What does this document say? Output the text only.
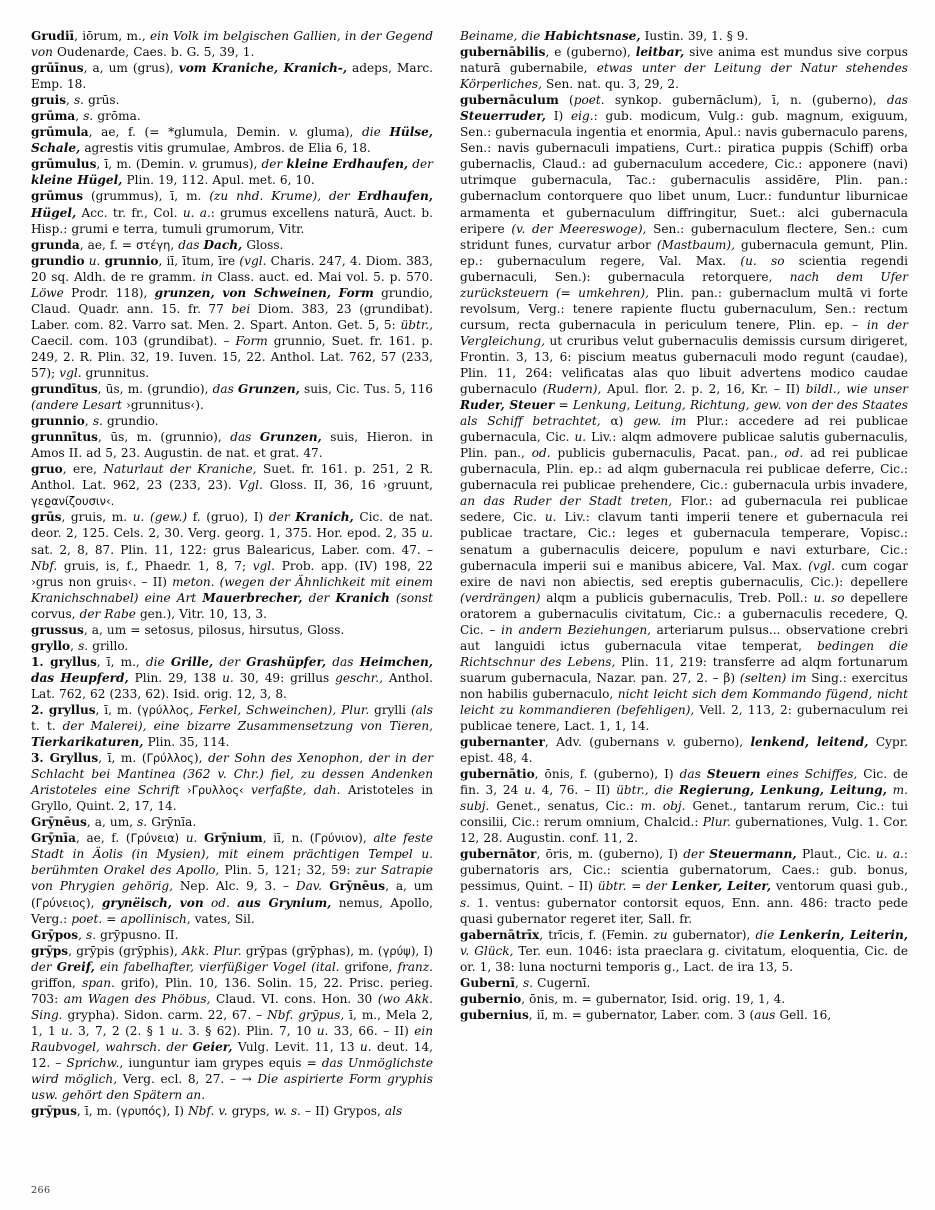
Grudiī, iōrum, m., ein Volk im belgischen Gallien, in der Gegend von Oudenarde, Caes. b. G. 5, 39, 1.

grūīnus, a, um (grus), vom Kraniche, Kranich-, adeps, Marc. Emp. 18.

gruis, s. grūs.

grūma, s. grōma.

grūmula, ae, f. (= *glumula, Demin. v. gluma), die Hülse, Schale, agrestis vitis grumulae, Ambros. de Elia 6, 18.

grūmulus, ī, m. (Demin. v. grumus), der kleine Erdhaufen, der kleine Hügel, Plin. 19, 112. Apul. met. 6, 10.

grūmus (grummus), ī, m. (zu nhd. Krume), der Erdhaufen, Hügel, Acc. tr. fr., Col. u. a.: grumus excellens naturā, Auct. b. Hisp.: grumi e terra, tumuli grumorum, Vitr.

grunda, ae, f. = στέγη, das Dach, Gloss.

grundio u. grunnio, iī, ītum, īre (vgl. Charis. 247, 4. Diom. 383, 20 sq. Aldh. de re gramm. in Class. auct. ed. Mai vol. 5. p. 570. Löwe Prodr. 118), grunzen, von Schweinen, Form grundio, Claud. Quadr. ann. 15. fr. 77 bei Diom. 383, 23 (grundibat). Laber. com. 82. Varro sat. Men. 2. Spart. Anton. Get. 5, 5: übtr., Caecil. com. 103 (grundibat). – Form grunnio, Suet. fr. 161. p. 249, 2. R. Plin. 32, 19. Iuven. 15, 22. Anthol. Lat. 762, 57 (233, 57); vgl. grunnitus.

grundītus, ūs, m. (grundio), das Grunzen, suis, Cic. Tus. 5, 116 (andere Lesart ›grunnitus‹).

grunnio, s. grundio.

grunnītus, ūs, m. (grunnio), das Grunzen, suis, Hieron. in Amos II. ad 5, 23. Augustin. de nat. et grat. 47.

gruo, ere, Naturlaut der Kraniche, Suet. fr. 161. p. 251, 2 R. Anthol. Lat. 962, 23 (233, 23). Vgl. Gloss. II, 36, 16 ›gruunt, γεϱανίζουσιν‹.

grūs, gruis, m. u. (gew.) f. (gruo), I) der Kranich, Cic. de nat. deor. 2, 125. Cels. 2, 30. Verg. georg. 1, 375. Hor. epod. 2, 35 u. sat. 2, 8, 87. Plin. 11, 122: grus Balearicus, Laber. com. 47. – Nbf. gruis, is, f., Phaedr. 1, 8, 7; vgl. Prob. app. (IV) 198, 22 ›grus non gruis‹. – II) meton. (wegen der Ähnlichkeit mit einem Kranichschnabel) eine Art Mauerbrecher, der Kranich (sonst corvus, der Rabe gen.), Vitr. 10, 13, 3.

grussus, a, um = setosus, pilosus, hirsutus, Gloss.

gryllo, s. grillo.

1. gryllus, ī, m., die Grille, der Grashüpfer, das Heimchen, das Heupferd, Plin. 29, 138 u. 30, 49: grillus geschr., Anthol. Lat. 762, 62 (233, 62). Isid. orig. 12, 3, 8.

2. gryllus, ī, m. (γρύλλος, Ferkel, Schweinchen), Plur. grylli (als t. t. der Malerei), eine bizarre Zusammensetzung von Tieren, Tierkarikaturen, Plin. 35, 114.

3. Gryllus, ī, m. (Γρύλλος), der Sohn des Xenophon, der in der Schlacht bei Mantinea (362 v. Chr.) fiel, zu dessen Andenken Aristoteles eine Schrift ›Γρυλλος‹ verfaßte, dah. Aristoteles in Gryllo, Quint. 2, 17, 14.

Grȳnēus, a, um, s. Grȳnīa.

Grȳnīa, ae, f. (Γρύνεια) u. Grȳnium, iī, n. (Γρύνιον), alte feste Stadt in Äolis (in Mysien), mit einem prächtigen Tempel u. berühmten Orakel des Apollo, Plin. 5, 121; 32, 59: zur Satrapie von Phrygien gehörig, Nep. Alc. 9, 3. – Dav. Grȳnēus, a, um (Γρύνειος), grynëisch, von od. aus Grynium, nemus, Apollo, Verg.: poet. = apollinisch, vates, Sil.

Grȳpos, s. grȳpusno. II.

grȳps, grȳpis (grȳphis), Akk. Plur. grȳpas (grȳphas), m. (γρύψ), I) der Greif, ein fabelhafter, vierfüßiger Vogel (ital. grifone, franz. griffon, span. grifo), Plin. 10, 136. Solin. 15, 22. Prisc. perieg. 703: am Wagen des Phöbus, Claud. VI. cons. Hon. 30 (wo Akk. Sing. grypha). Sidon. carm. 22, 67. – Nbf. grȳpus, ī, m., Mela 2, 1, 1 u. 3, 7, 2 (2. § 1 u. 3. § 62). Plin. 7, 10 u. 33, 66. – II) ein Raubvogel, wahrsch. der Geier, Vulg. Levit. 11, 13 u. deut. 14, 12. – Sprichw., iunguntur iam grypes equis = das Unmöglichste wird möglich, Verg. ecl. 8, 27. – → Die aspirierte Form gryphis usw. gehört den Spätern an.

grȳpus, ī, m. (γρυπός), I) Nbf. v. gryps, w. s. – II) Grypos, als

Beiname, die Habichtsnase, Iustin. 39, 1. § 9.

gubernābilis, e (guberno), leitbar, sive anima est mundus sive corpus naturā gubernabile, etwas unter der Leitung der Natur stehendes Körperliches, Sen. nat. qu. 3, 29, 2.

gubernāculum (poet. synkop. gubernāclum), ī, n. (guberno), das Steuerruder, I) eig.: gub. modicum, Vulg.: gub. magnum, exiguum, Sen.: gubernacula ingentia et enormia, Apul.: navis gubernaculo parens, Sen.: navis gubernaculi impatiens, Curt.: piratica puppis (Schiff) orba gubernaclis, Claud.: ad gubernaculum accedere, Cic.: apponere (navi) utrimque gubernacula, Tac.: gubernaculis assidēre, Plin. pan.: gubernaclum contorquere quo libet unum, Lucr.: funduntur liburnicae armamenta et gubernaculum diffringitur, Suet.: alci gubernacula eripere (v. der Meereswoge), Sen.: gubernaculum flectere, Sen.: cum stridunt funes, curvatur arbor (Mastbaum), gubernacula gemunt, Plin. ep.: gubernaculum regere, Val. Max. (u. so scientia regendi gubernaculi, Sen.): gubernacula retorquere, nach dem Ufer zurücksteuern (= umkehren), Plin. pan.: gubernaclum multā vi forte revolsum, Verg.: tenere rapiente fluctu gubernaculum, Sen.: rectum cursum, recta gubernacula in periculum tenere, Plin. ep. – in der Vergleichung, ut cruribus velut gubernaculis demissis cursum dirigeret, Frontin. 3, 13, 6: piscium meatus gubernaculi modo regunt (caudae), Plin. 11, 264: velificatas alas quo libuit advertens modico caudae gubernaculo (Rudern), Apul. flor. 2. p. 2, 16, Kr. – II) bildl., wie unser Ruder, Steuer = Lenkung, Leitung, Richtung, gew. von der des Staates als Schiff betrachtet, α) gew. im Plur.: accedere ad rei publicae gubernacula, Cic. u. Liv.: alqm admovere publicae salutis gubernaculis, Plin. pan., od. publicis gubernaculis, Pacat. pan., od. ad rei publicae gubernacula, Plin. ep.: ad alqm gubernacula rei publicae deferre, Cic.: gubernacula rei publicae prehendere, Cic.: gubernacula urbis invadere, an das Ruder der Stadt treten, Flor.: ad gubernacula rei publicae sedere, Cic. u. Liv.: clavum tanti imperii tenere et gubernacula rei publicae tractare, Cic.: leges et gubernacula temperare, Vopisc.: senatum a gubernaculis deicere, populum e navi exturbare, Cic.: gubernacula imperii sui e manibus abicere, Val. Max. (vgl. cum cogar exire de navi non abiectis, sed ereptis gubernaculis, Cic.): depellere (verdrängen) alqm a publicis gubernaculis, Treb. Poll.: u. so depellere oratorem a gubernaculis civitatum, Cic.: a gubernaculis recedere, Q. Cic. – in andern Beziehungen, arteriarum pulsus... observatione crebri aut languidi ictus gubernacula vitae temperat, bedingen die Richtschnur des Lebens, Plin. 11, 219: transferre ad alqm fortunarum suarum gubernacula, Nazar. pan. 27, 2. – β) (selten) im Sing.: exercitus non habilis gubernaculo, nicht leicht sich dem Kommando fügend, nicht leicht zu kommandieren (befehligen), Vell. 2, 113, 2: gubernaculum rei publicae tenere, Lact. 1, 1, 14.

gubernanter, Adv. (gubernans v. guberno), lenkend, leitend, Cypr. epist. 48, 4.

gubernātio, ōnis, f. (guberno), I) das Steuern eines Schiffes, Cic. de fin. 3, 24 u. 4, 76. – II) übtr., die Regierung, Lenkung, Leitung, m. subj. Genet., senatus, Cic.: m. obj. Genet., tantarum rerum, Cic.: tui consilii, Cic.: rerum omnium, Chalcid.: Plur. gubernationes, Vulg. 1. Cor. 12, 28. Augustin. conf. 11, 2.

gubernātor, ōris, m. (guberno), I) der Steuermann, Plaut., Cic. u. a.: gubernatoris ars, Cic.: scientia gubernatorum, Caes.: gub. bonus, pessimus, Quint. – II) übtr. = der Lenker, Leiter, ventorum quasi gub., s. 1. ventus: gubernator contorsit equos, Enn. ann. 486: tracto pede quasi gubernator regeret iter, Sall. fr.

gabernātrīx, trīcis, f. (Femin. zu gubernator), die Lenkerin, Leiterin, v. Glück, Ter. eun. 1046: ista praeclara g. civitatum, eloquentia, Cic. de or. 1, 38: luna nocturni temporis g., Lact. de ira 13, 5.

Gubernī, s. Cugernī.

gubernio, ōnis, m. = gubernator, Isid. orig. 19, 1, 4.

gubernius, iī, m. = gubernator, Laber. com. 3 (aus Gell. 16,

266
